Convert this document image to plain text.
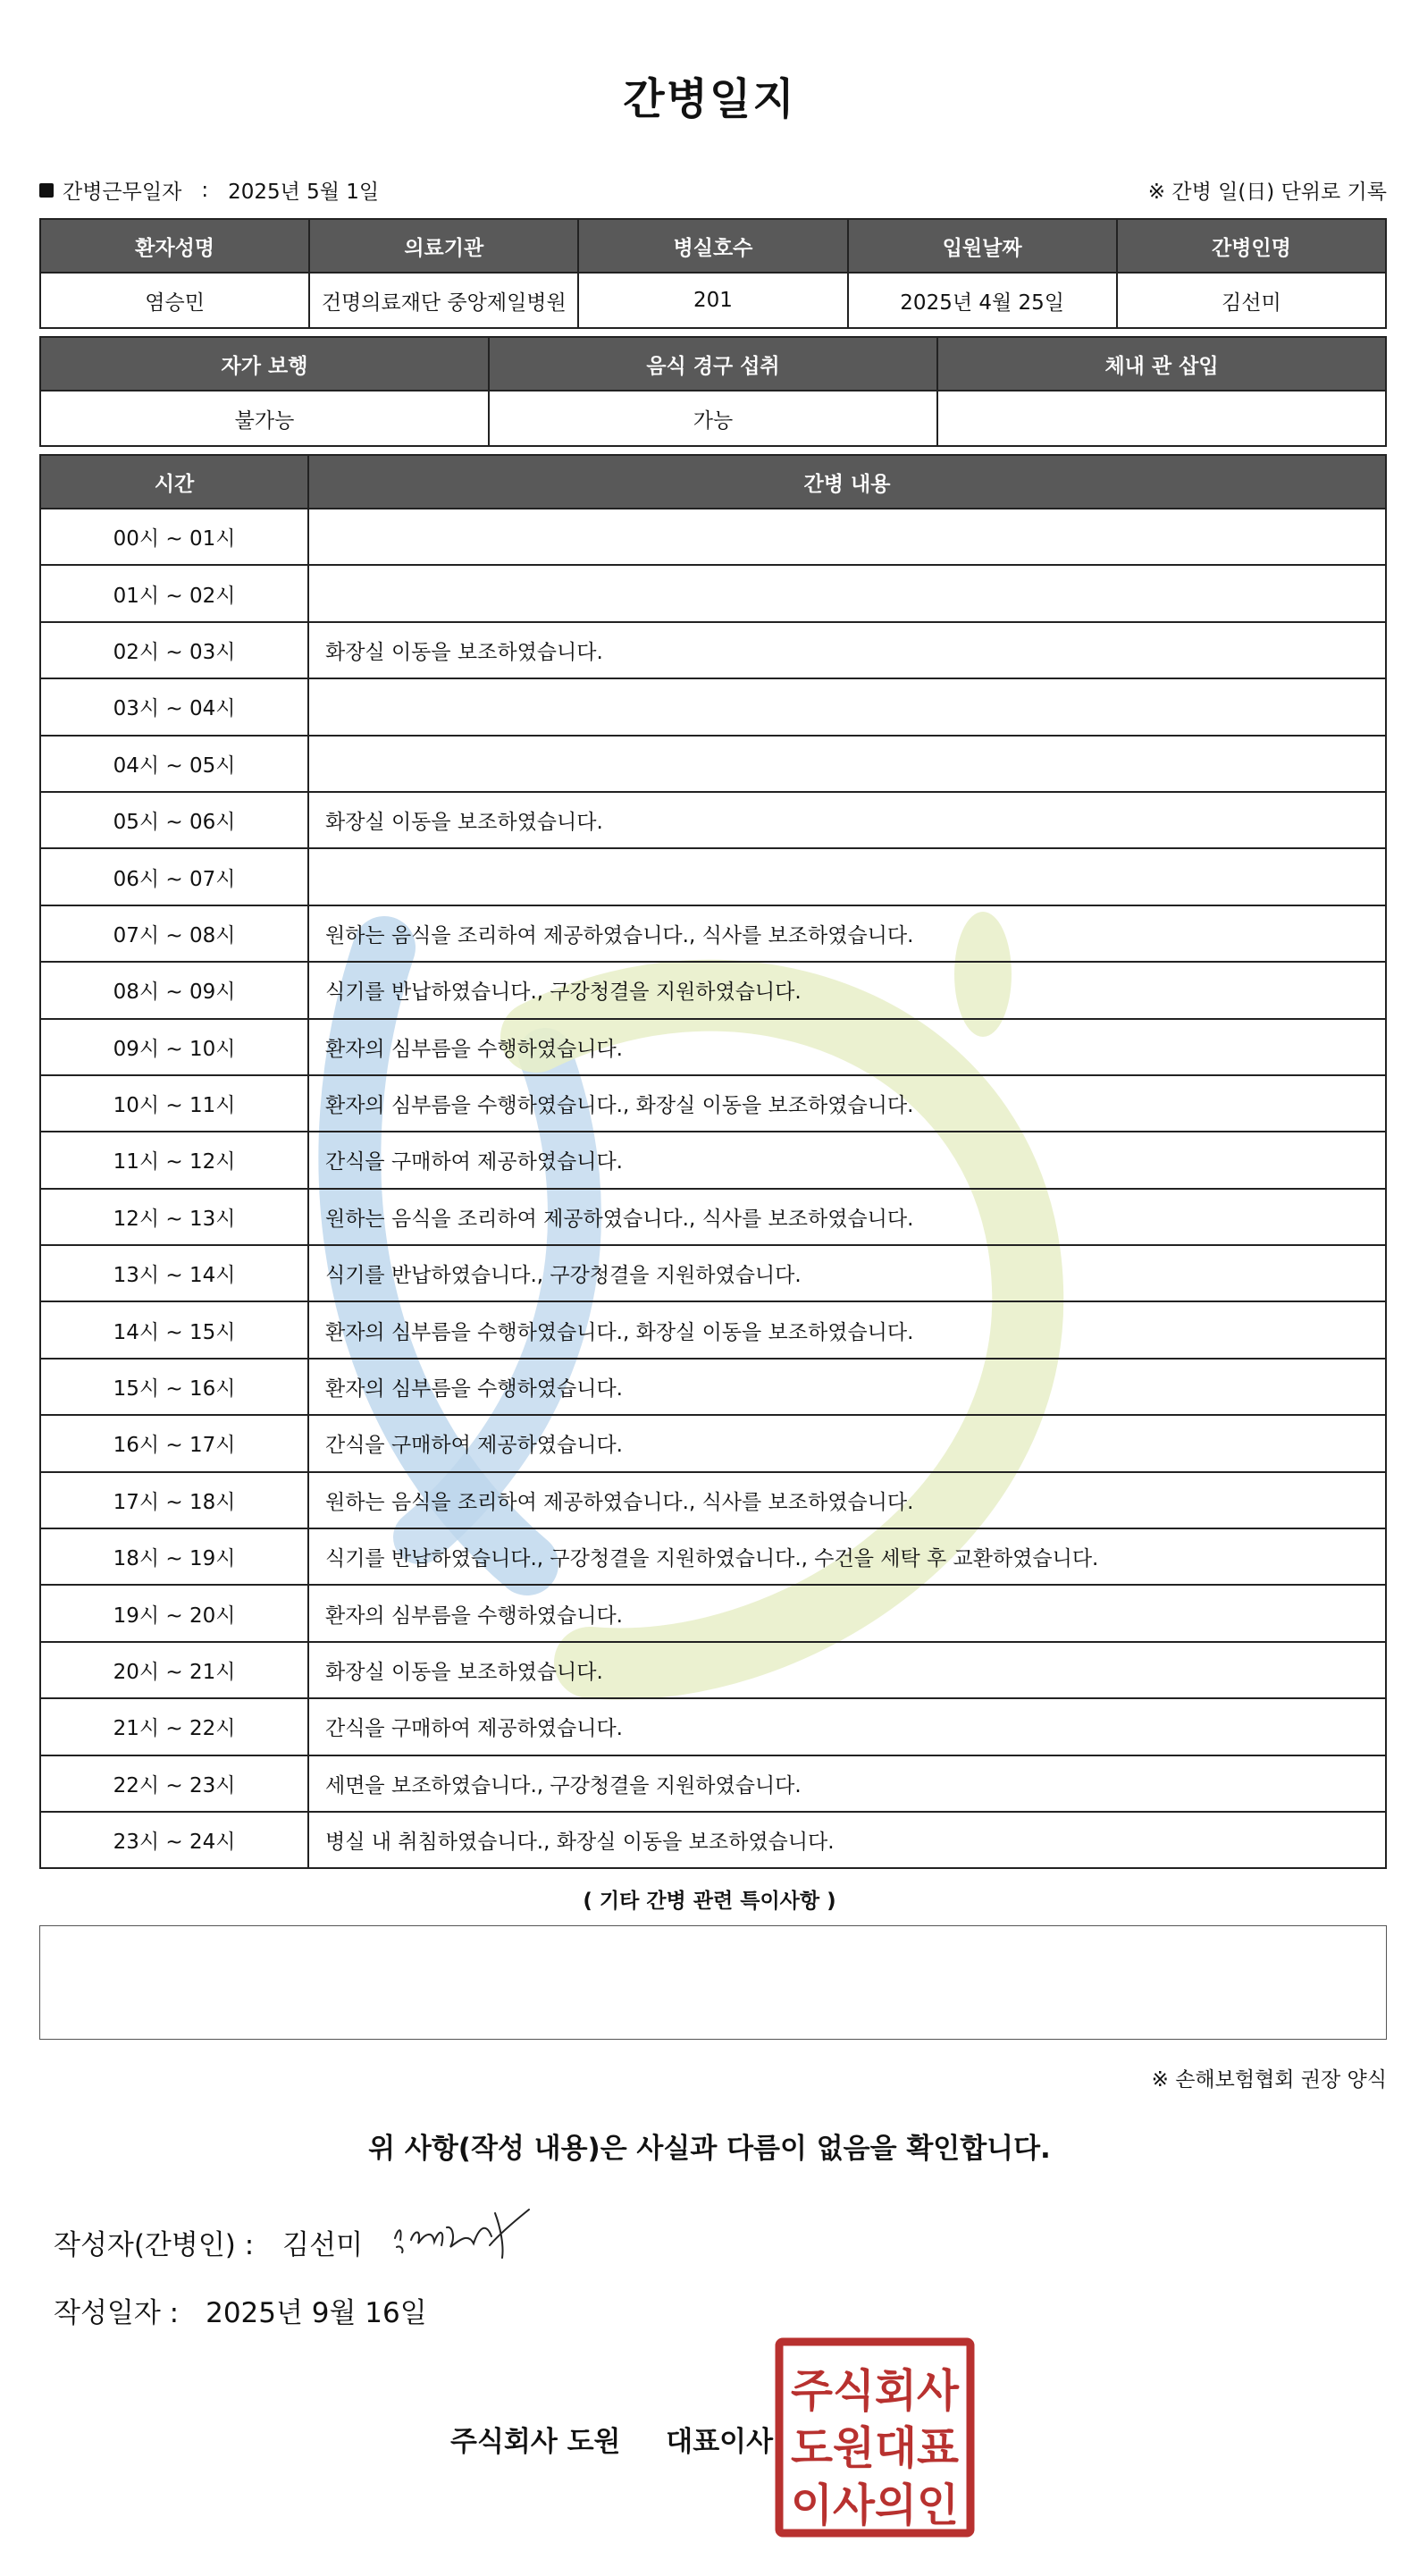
간병일지
간병근무일자 : 2025년 5월 1일	※ 간병 일(日) 단위로 기록
환자성명	의료기관	병실호수	입원날짜	간병인명
염승민	건명의료재단 중앙제일병원	201	2025년 4월 25일	김선미
자가 보행	음식 경구 섭취	체내 관 삽입
불가능	가능	
시간	간병 내용
00시 ~ 01시	
01시 ~ 02시	
02시 ~ 03시	화장실 이동을 보조하였습니다.
03시 ~ 04시	
04시 ~ 05시	
05시 ~ 06시	화장실 이동을 보조하였습니다.
06시 ~ 07시	
07시 ~ 08시	원하는 음식을 조리하여 제공하였습니다., 식사를 보조하였습니다.
08시 ~ 09시	식기를 반납하였습니다., 구강청결을 지원하였습니다.
09시 ~ 10시	환자의 심부름을 수행하였습니다.
10시 ~ 11시	환자의 심부름을 수행하였습니다., 화장실 이동을 보조하였습니다.
11시 ~ 12시	간식을 구매하여 제공하였습니다.
12시 ~ 13시	원하는 음식을 조리하여 제공하였습니다., 식사를 보조하였습니다.
13시 ~ 14시	식기를 반납하였습니다., 구강청결을 지원하였습니다.
14시 ~ 15시	환자의 심부름을 수행하였습니다., 화장실 이동을 보조하였습니다.
15시 ~ 16시	환자의 심부름을 수행하였습니다.
16시 ~ 17시	간식을 구매하여 제공하였습니다.
17시 ~ 18시	원하는 음식을 조리하여 제공하였습니다., 식사를 보조하였습니다.
18시 ~ 19시	식기를 반납하였습니다., 구강청결을 지원하였습니다., 수건을 세탁 후 교환하였습니다.
19시 ~ 20시	환자의 심부름을 수행하였습니다.
20시 ~ 21시	화장실 이동을 보조하였습니다.
21시 ~ 22시	간식을 구매하여 제공하였습니다.
22시 ~ 23시	세면을 보조하였습니다., 구강청결을 지원하였습니다.
23시 ~ 24시	병실 내 취침하였습니다., 화장실 이동을 보조하였습니다.
( 기타 간병 관련 특이사항 )
※ 손해보험협회 권장 양식
위 사항(작성 내용)은 사실과 다름이 없음을 확인합니다.
작성자(간병인) : 김선미
작성일자 : 2025년 9월 16일
주식회사 도원 대표이사
주식회사
도원대표
이사의인
